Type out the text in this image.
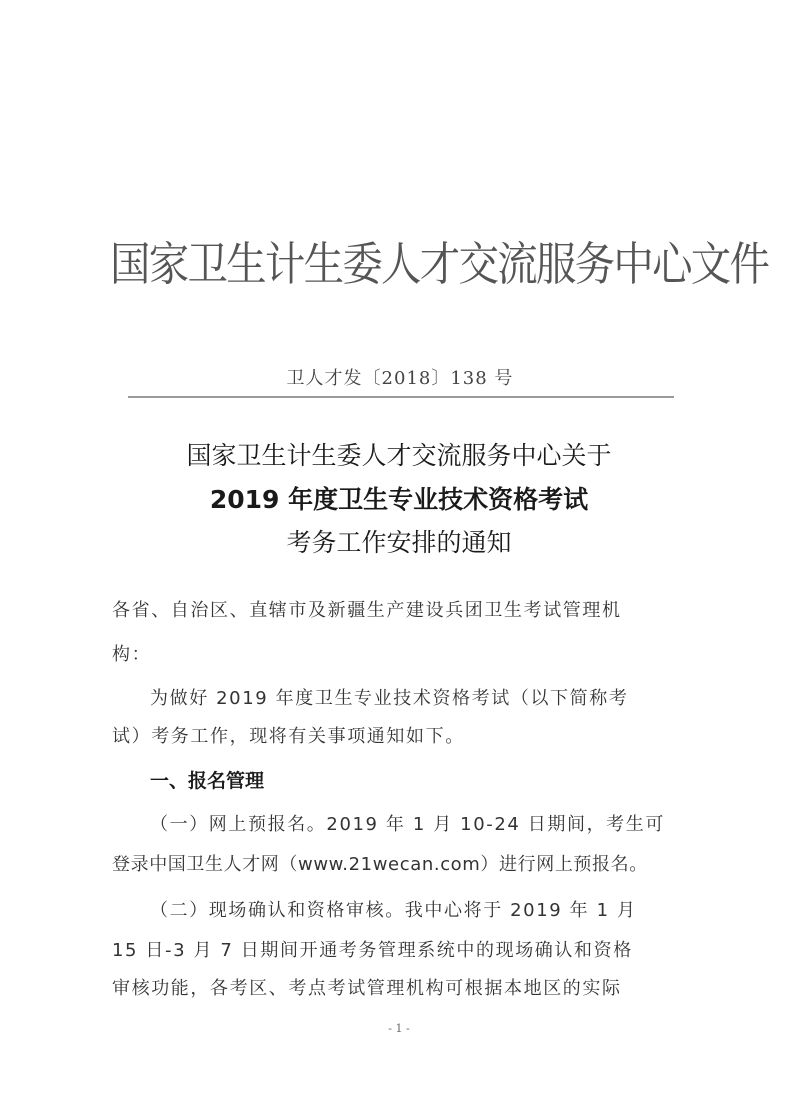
国家卫生计生委人才交流服务中心文件
卫人才发〔2018〕138 号
国家卫生计生委人才交流服务中心关于
2019 年度卫生专业技术资格考试
考务工作安排的通知
各省、自治区、直辖市及新疆生产建设兵团卫生考试管理机
构：
为做好 2019 年度卫生专业技术资格考试（以下简称考
试）考务工作，现将有关事项通知如下。
一、报名管理
（一）网上预报名。2019 年 1 月 10-24 日期间，考生可
登录中国卫生人才网（www.21wecan.com）进行网上预报名。
（二）现场确认和资格审核。我中心将于 2019 年 1 月
15 日-3 月 7 日期间开通考务管理系统中的现场确认和资格
审核功能，各考区、考点考试管理机构可根据本地区的实际
- 1 -
